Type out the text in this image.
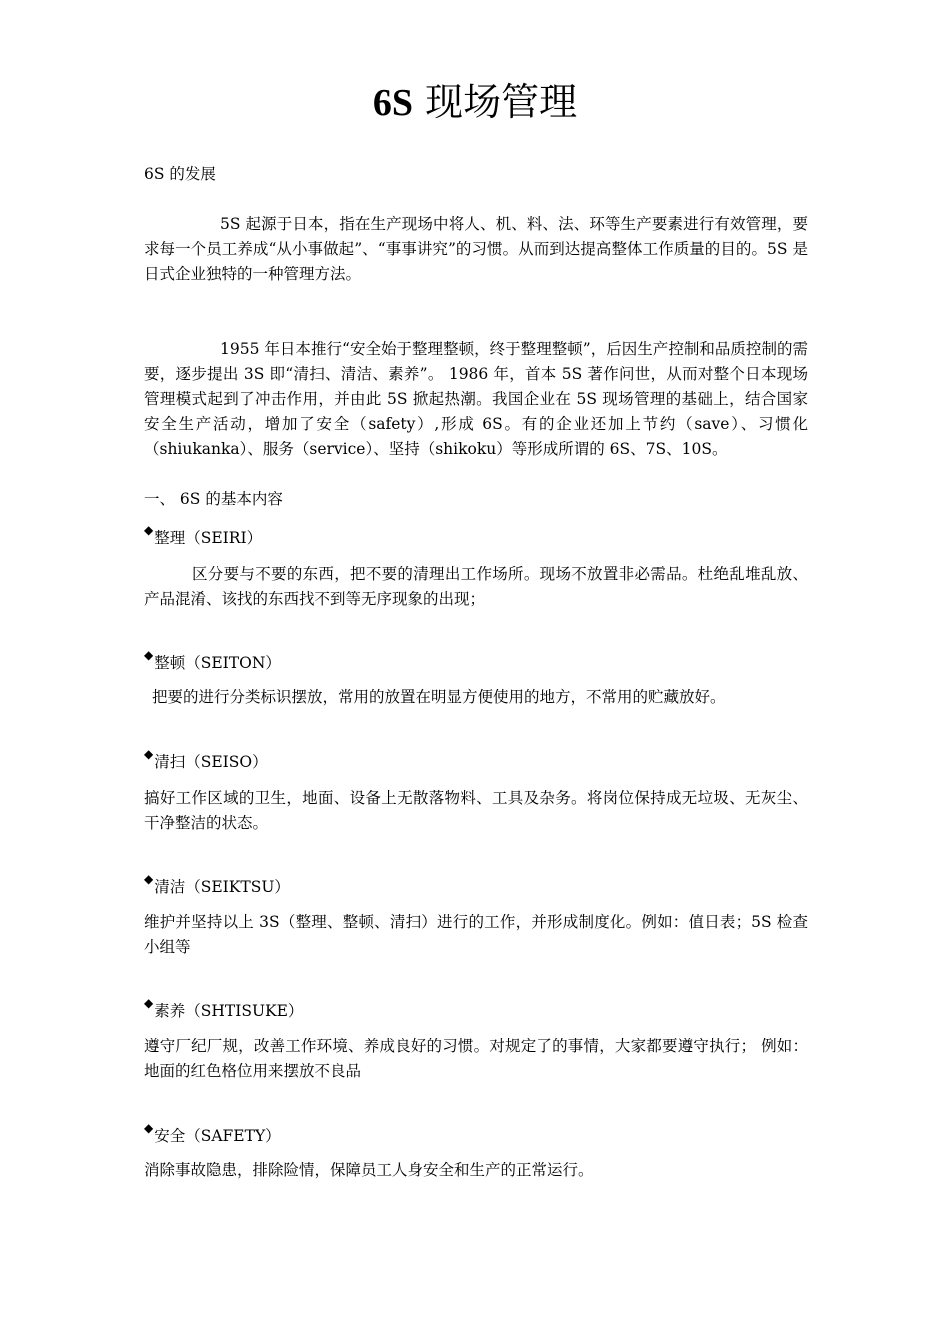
6S 现场管理
6S 的发展
5S 起源于日本，指在生产现场中将人、机、料、法、环等生产要素进行有效管理，要求每一个员工养成“从小事做起”、“事事讲究”的习惯。从而到达提高整体工作质量的目的。5S 是日式企业独特的一种管理方法。
1955 年日本推行“安全始于整理整顿，终于整理整顿”，后因生产控制和品质控制的需要，逐步提出 3S 即“清扫、清洁、素养”。 1986 年，首本 5S 著作问世，从而对整个日本现场管理模式起到了冲击作用，并由此 5S 掀起热潮。我国企业在 5S 现场管理的基础上，结合国家安全生产活动，增加了安全（safety）,形成 6S。有的企业还加上节约（save）、习惯化（shiukanka）、服务（service）、坚持（shikoku）等形成所谓的 6S、7S、10S。
一、 6S 的基本内容
◆整理（SEIRI）
区分要与不要的东西，把不要的清理出工作场所。现场不放置非必需品。杜绝乱堆乱放、产品混淆、该找的东西找不到等无序现象的出现；
◆整顿（SEITON）
把要的进行分类标识摆放，常用的放置在明显方便使用的地方，不常用的贮藏放好。
◆清扫（SEISO）
搞好工作区域的卫生，地面、设备上无散落物料、工具及杂务。将岗位保持成无垃圾、无灰尘、干净整洁的状态。
◆清洁（SEIKTSU）
维护并坚持以上 3S（整理、整顿、清扫）进行的工作，并形成制度化。例如：值日表；5S 检查小组等
◆素养（SHTISUKE）
遵守厂纪厂规，改善工作环境、养成良好的习惯。对规定了的事情，大家都要遵守执行； 例如：地面的红色格位用来摆放不良品
◆安全（SAFETY）
消除事故隐患，排除险情，保障员工人身安全和生产的正常运行。
